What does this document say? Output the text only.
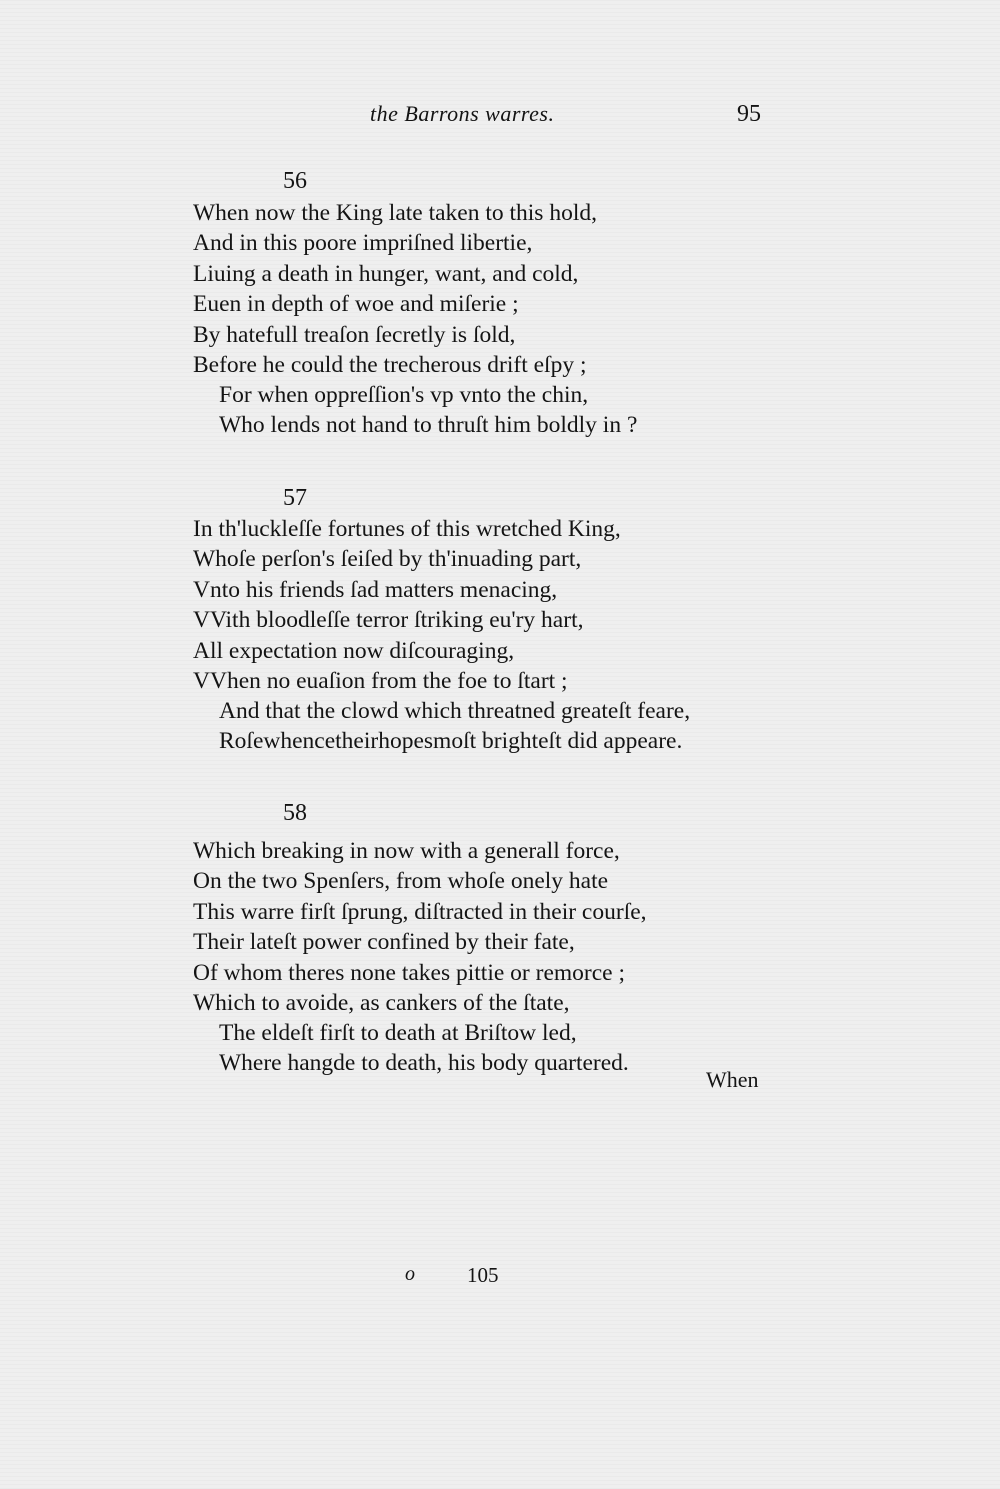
the Barrons warres.	95
56
When now the King late taken to this hold,
And in this poore impriſned libertie,
Liuing a death in hunger, want, and cold,
Euen in depth of woe and miſerie ;
By hatefull treaſon ſecretly is ſold,
Before he could the trecherous drift eſpy ;
For when oppreſſion's vp vnto the chin,
Who lends not hand to thruſt him boldly in ?
57
In th'luckleſſe fortunes of this wretched King,
Whoſe perſon's ſeiſed by th'inuading part,
Vnto his friends ſad matters menacing,
VVith bloodleſſe terror ſtriking eu'ry hart,
All expectation now diſcouraging,
VVhen no euaſion from the foe to ſtart ;
And that the clowd which threatned greateſt feare,
Roſewhencetheirhopesmoſt brighteſt did appeare.
58
Which breaking in now with a generall force,
On the two Spenſers, from whoſe onely hate
This warre firſt ſprung, diſtracted in their courſe,
Their lateſt power confined by their fate,
Of whom theres none takes pittie or remorce ;
Which to avoide, as cankers of the ſtate,
The eldeſt firſt to death at Briſtow led,
Where hangde to death, his body quartered.
When
o 105
